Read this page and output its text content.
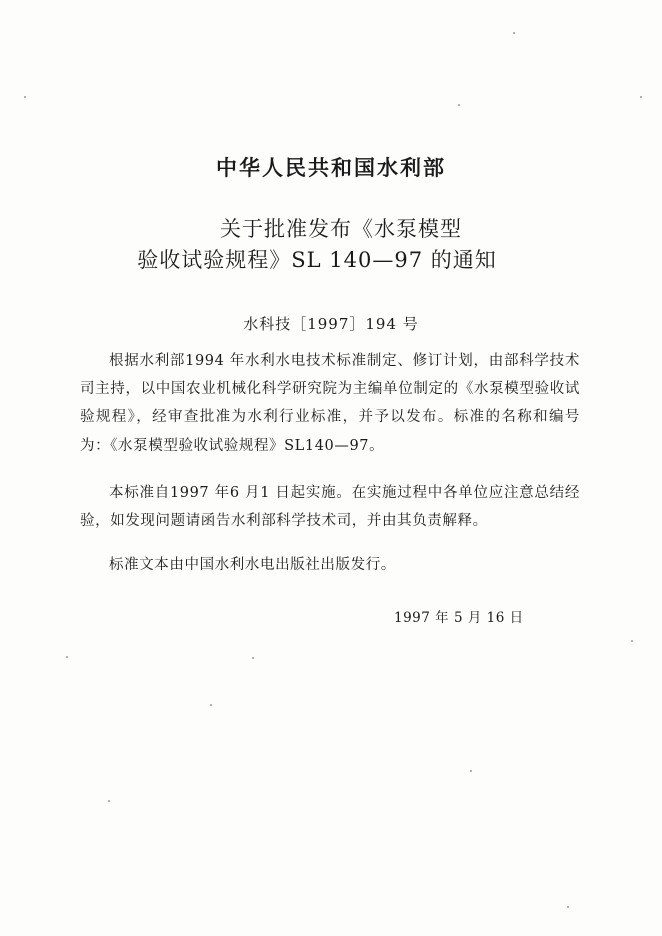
中华人民共和国水利部
关于批准发布《水泵模型
验收试验规程》SL 140—97 的通知
水科技［1997］194 号
根据水利部1994 年水利水电技术标准制定、修订计划，由部科学技术司主持，以中国农业机械化科学研究院为主编单位制定的《水泵模型验收试验规程》，经审查批准为水利行业标准，并予以发布。标准的名称和编号为：《水泵模型验收试验规程》SL140—97。
本标准自1997 年6 月1 日起实施。在实施过程中各单位应注意总结经验，如发现问题请函告水利部科学技术司，并由其负责解释。
标准文本由中国水利水电出版社出版发行。
1997 年 5 月 16 日
